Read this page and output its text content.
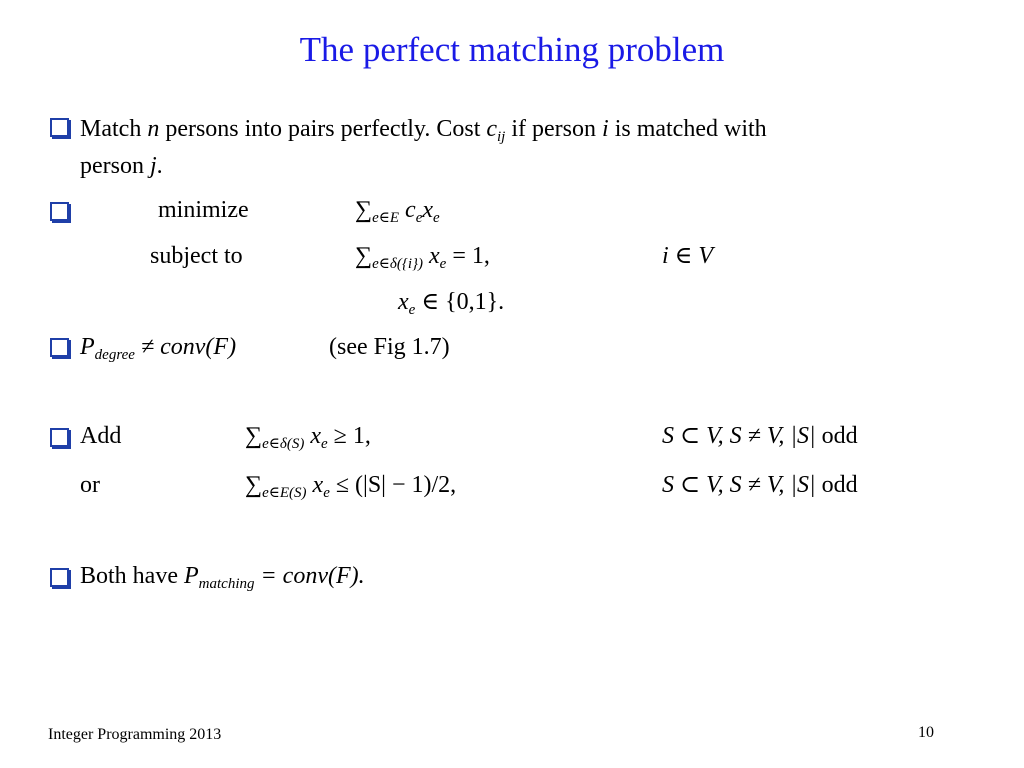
The perfect matching problem
Match n persons into pairs perfectly. Cost $c_{ij}$ if person i is matched with
person j.
minimize	$\sum_{e\in E}$ $c_ex_e$
subject to	$\sum_{e\in\delta(\{i\})}$ $x_e = 1$,	i ∈ V
$x_e$ ∈ {0,1}.
$P_{degree}$ ≠ conv(F)	(see Fig 1.7)
Add	$\sum_{e\in\delta(S)}$ $x_e \ge 1$,	S ⊂ V, S ≠ V, |S| odd
or	$\sum_{e\in E(S)}$ $x_e \le (|S| - 1)/2$,	S ⊂ V, S ≠ V, |S| odd
Both have $P_{matching}$ = conv(F).
Integer Programming 2013	10
